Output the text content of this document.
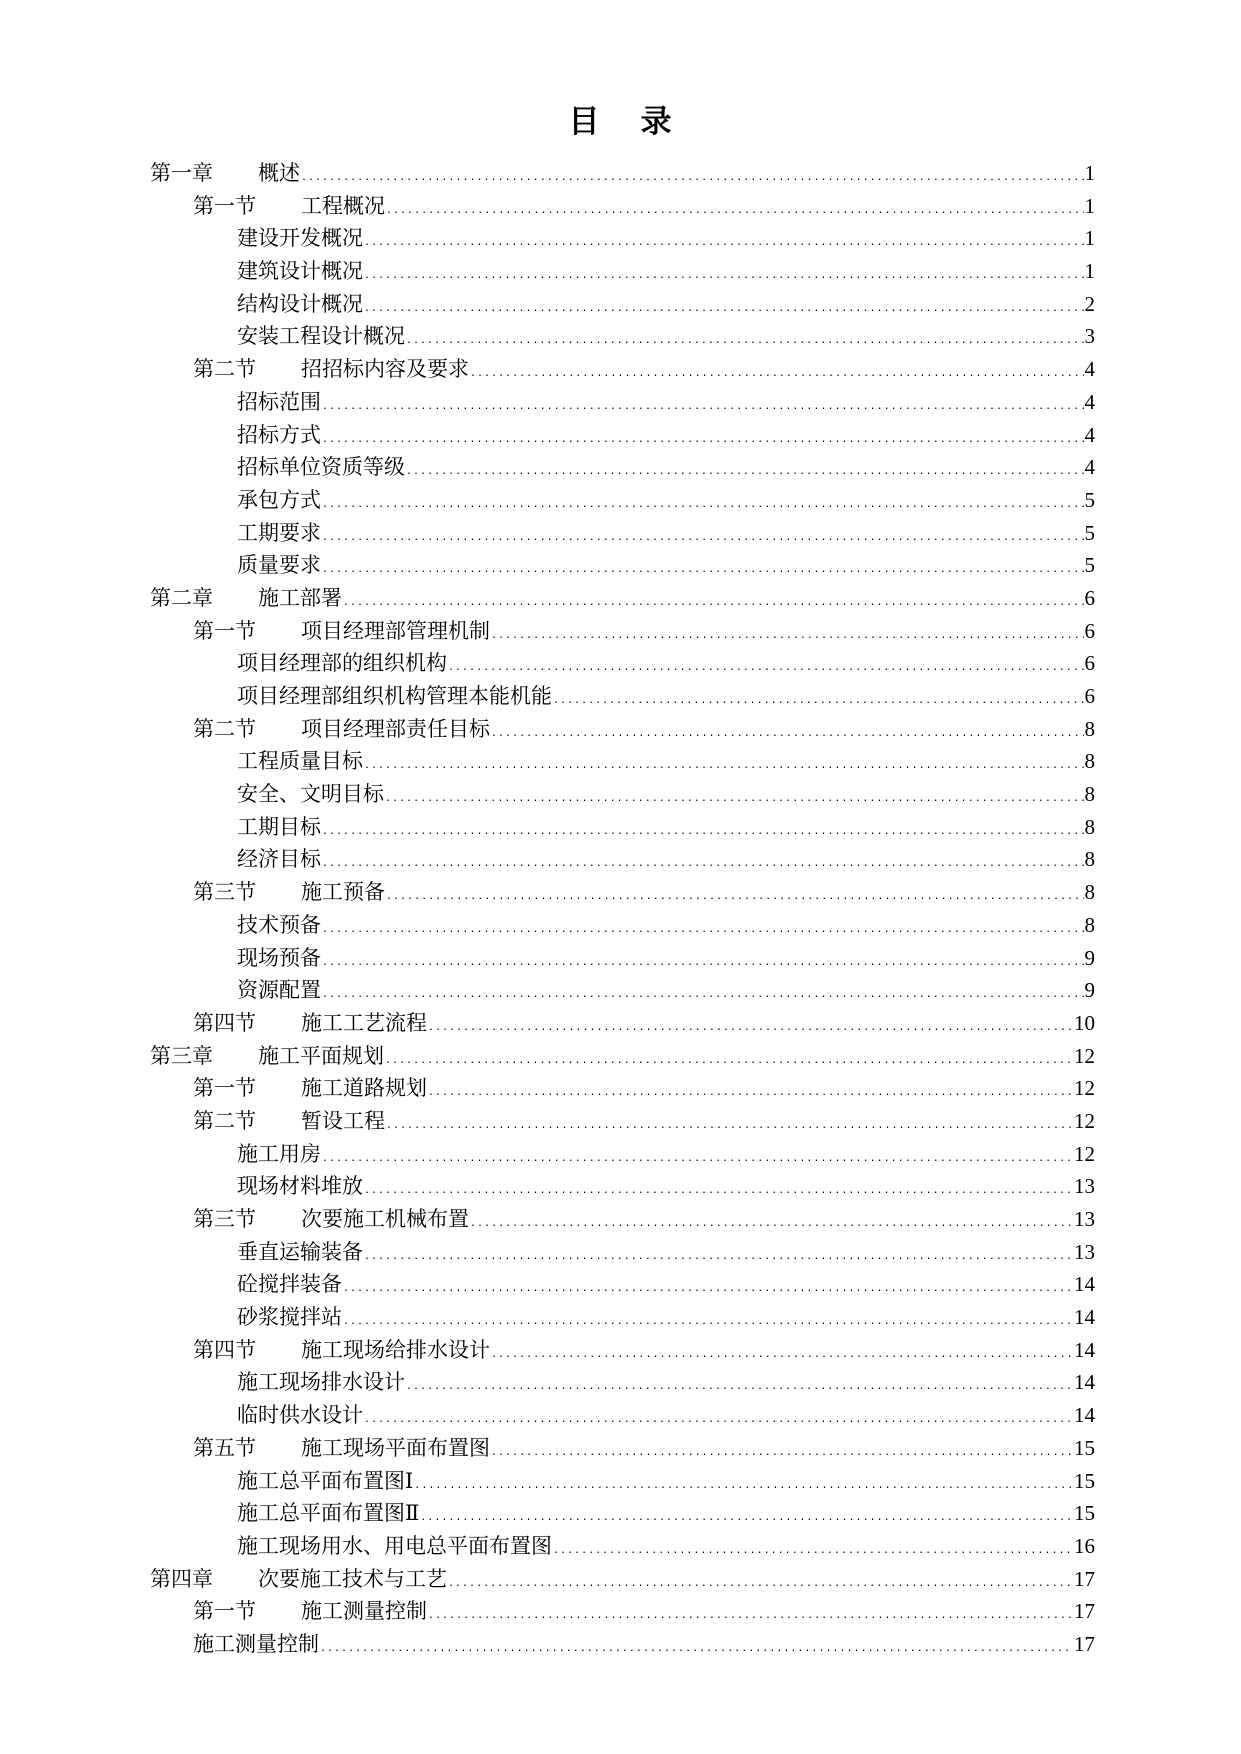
目 录
第一章 概述 .....	1
第一节 工程概况 .....	1
建设开发概况 .....	1
建筑设计概况 .....	1
结构设计概况 .....	2
安装工程设计概况 .....	3
第二节 招招标内容及要求 .....	4
招标范围 .....	4
招标方式 .....	4
招标单位资质等级 .....	4
承包方式 .....	5
工期要求 .....	5
质量要求 .....	5
第二章 施工部署 .....	6
第一节 项目经理部管理机制 .....	6
项目经理部的组织机构 .....	6
项目经理部组织机构管理本能机能 .....	6
第二节 项目经理部责任目标 .....	8
工程质量目标 .....	8
安全、文明目标 .....	8
工期目标 .....	8
经济目标 .....	8
第三节 施工预备 .....	8
技术预备 .....	8
现场预备 .....	9
资源配置 .....	9
第四节 施工工艺流程 .....	10
第三章 施工平面规划 .....	12
第一节 施工道路规划 .....	12
第二节 暂设工程 .....	12
施工用房 .....	12
现场材料堆放 .....	13
第三节 次要施工机械布置 .....	13
垂直运输装备 .....	13
砼搅拌装备 .....	14
砂浆搅拌站 .....	14
第四节 施工现场给排水设计 .....	14
施工现场排水设计 .....	14
临时供水设计 .....	14
第五节 施工现场平面布置图 .....	15
施工总平面布置图Ⅰ .....	15
施工总平面布置图Ⅱ .....	15
施工现场用水、用电总平面布置图 .....	16
第四章 次要施工技术与工艺 .....	17
第一节 施工测量控制 .....	17
施工测量控制 .....	17
